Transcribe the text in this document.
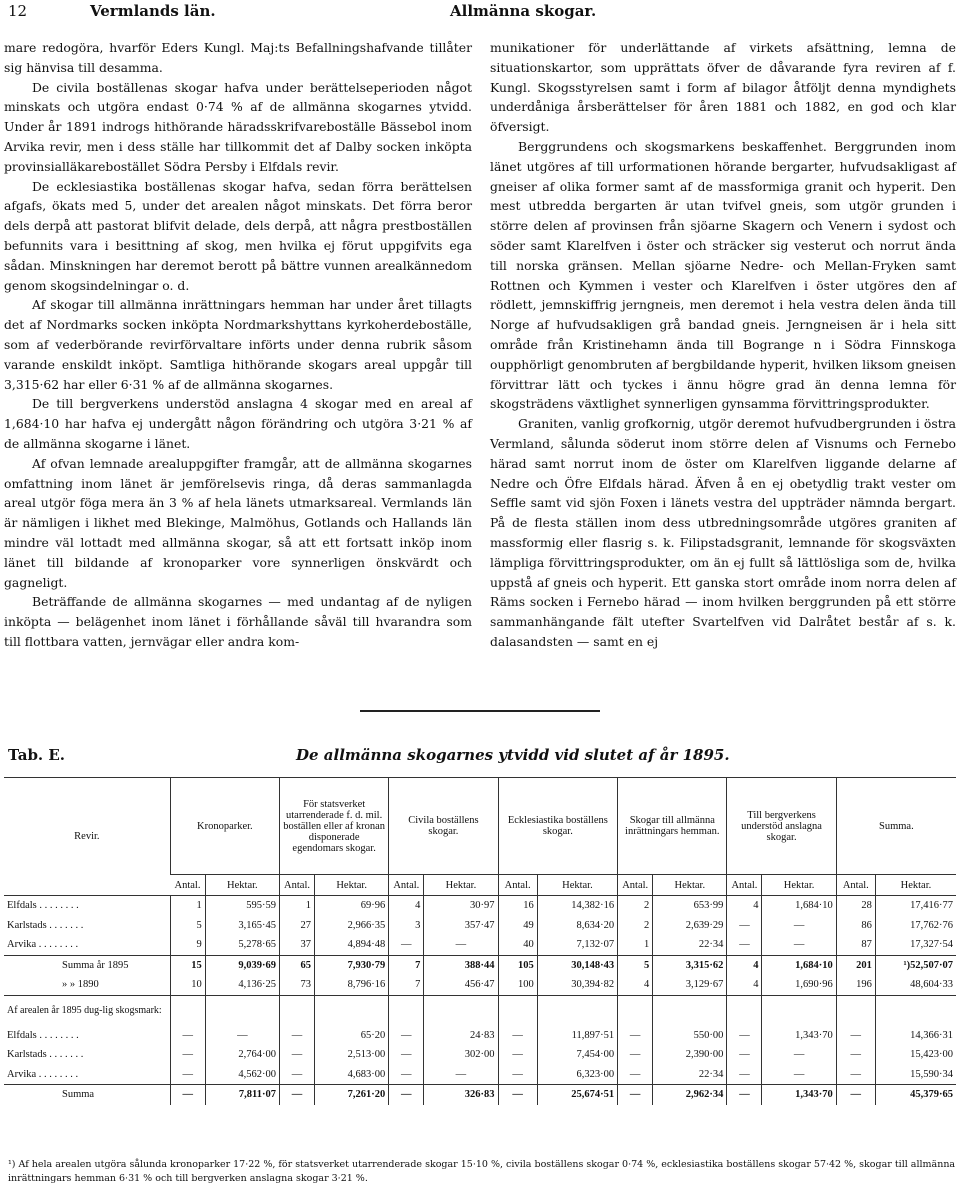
12	Vermlands län.	Allmänna skogar.

mare redogöra, hvarför Eders Kungl. Maj:ts Befallningshafvande tillåter sig hänvisa till desamma.

De civila boställenas skogar hafva under berättelseperioden något minskats och utgöra endast 0·74 % af de allmänna skogarnes ytvidd. Under år 1891 indrogs hithörande häradsskrifvareboställe Bässebol inom Arvika revir, men i dess ställe har tillkommit det af Dalby socken inköpta provinsialläkarebostället Södra Persby i Elfdals revir.

De ecklesiastika boställenas skogar hafva, sedan förra berättelsen afgafs, ökats med 5, under det arealen något minskats. Det förra beror dels derpå att pastorat blifvit delade, dels derpå, att några prestboställen befunnits vara i besittning af skog, men hvilka ej förut uppgifvits ega sådan. Minskningen har deremot berott på bättre vunnen arealkännedom genom skogsindelningar o. d.

Af skogar till allmänna inrättningars hemman har under året tillagts det af Nordmarks socken inköpta Nordmarkshyttans kyrkoherdeboställe, som af vederbörande revirförvaltare införts under denna rubrik såsom varande enskildt inköpt. Samtliga hithörande skogars areal uppgår till 3,315·62 har eller 6·31 % af de allmänna skogarnes.

De till bergverkens understöd anslagna 4 skogar med en areal af 1,684·10 har hafva ej undergått någon förändring och utgöra 3·21 % af de allmänna skogarne i länet.

Af ofvan lemnade arealuppgifter framgår, att de allmänna skogarnes omfattning inom länet är jemförelsevis ringa, då deras sammanlagda areal utgör föga mera än 3 % af hela länets utmarksareal. Vermlands län är nämligen i likhet med Blekinge, Malmöhus, Gotlands och Hallands län mindre väl lottadt med allmänna skogar, så att ett fortsatt inköp inom länet till bildande af kronoparker vore synnerligen önskvärdt och gagneligt.

Beträffande de allmänna skogarnes — med undantag af de nyligen inköpta — belägenhet inom länet i förhållande såväl till hvarandra som till flottbara vatten, jernvägar eller andra kom-

munikationer för underlättande af virkets afsättning, lemna de situationskartor, som upprättats öfver de dåvarande fyra reviren af f. Kungl. Skogsstyrelsen samt i form af bilagor åtföljt denna myndighets underdåniga årsberättelser för åren 1881 och 1882, en god och klar öfversigt.

Berggrundens och skogsmarkens beskaffenhet. Berggrunden inom länet utgöres af till urformationen hörande bergarter, hufvudsakligast af gneiser af olika former samt af de massformiga granit och hyperit. Den mest utbredda bergarten är utan tvifvel gneis, som utgör grunden i större delen af provinsen från sjöarne Skagern och Venern i sydost och söder samt Klarelfven i öster och sträcker sig vesterut och norrut ända till norska gränsen. Mellan sjöarne Nedre- och Mellan-Fryken samt Rottnen och Kymmen i vester och Klarelfven i öster utgöres den af rödlett, jemnskiffrig jerngneis, men deremot i hela vestra delen ända till Norge af hufvudsakligen grå bandad gneis. Jerngneisen är i hela sitt område från Kristinehamn ända till Bogrange n i Södra Finnskoga oupphörligt genombruten af bergbildande hyperit, hvilken liksom gneisen förvittrar lätt och tyckes i ännu högre grad än denna lemna för skogsträdens växtlighet synnerligen gynsamma förvittringsprodukter.

Graniten, vanlig grofkornig, utgör deremot hufvudbergrunden i östra Vermland, sålunda söderut inom större delen af Visnums och Fernebo härad samt norrut inom de öster om Klarelfven liggande delarne af Nedre och Öfre Elfdals härad. Äfven å en ej obetydlig trakt vester om Seffle samt vid sjön Foxen i länets vestra del uppträder nämnda bergart. På de flesta ställen inom dess utbredningsområde utgöres graniten af massformig eller flasrig s. k. Filipstadsgranit, lemnande för skogsväxten lämpliga förvittringsprodukter, om än ej fullt så lättlösliga som de, hvilka uppstå af gneis och hyperit. Ett ganska stort område inom norra delen af Räms socken i Fernebo härad — inom hvilken berggrunden på ett större sammanhängande fält utefter Svartelfven vid Dalråtet består af s. k. dalasandsten — samt en ej

Tab. E.	De allmänna skogarnes ytvidd vid slutet af år 1895.
Revir.	Kronoparker.		För statsverket utarrenderade f. d. mil. boställen eller af kronan disponerade egendomars skogar.		Civila boställens skogar.		Ecklesiastika boställens skogar.		Skogar till allmänna inrättningars hemman.		Till bergverkens understöd anslagna skogar.		Summa.	
	Antal.	Hektar.	Antal.	Hektar.	Antal.	Hektar.	Antal.	Hektar.	Antal.	Hektar.	Antal.	Hektar.	Antal.	Hektar.
Elfdals . . . . . . . .	1	595·59	1	69·96	4	30·97	16	14,382·16	2	653·99	4	1,684·10	28	17,416·77
Karlstads . . . . . . .	5	3,165·45	27	2,966·35	3	357·47	49	8,634·20	2	2,639·29	—	—	86	17,762·76
Arvika . . . . . . . .	9	5,278·65	37	4,894·48	—	—	40	7,132·07	1	22·34	—	—	87	17,327·54
Summa år 1895	15	9,039·69	65	7,930·79	7	388·44	105	30,148·43	5	3,315·62	4	1,684·10	201	¹)52,507·07
» » 1890	10	4,136·25	73	8,796·16	7	456·47	100	30,394·82	4	3,129·67	4	1,690·96	196	48,604·33
Af arealen år 1895 dug-lig skogsmark:														
Elfdals . . . . . . . .	—	—	—	65·20	—	24·83	—	11,897·51	—	550·00	—	1,343·70	—	14,366·31
Karlstads . . . . . . .	—	2,764·00	—	2,513·00	—	302·00	—	7,454·00	—	2,390·00	—	—	—	15,423·00
Arvika . . . . . . . .	—	4,562·00	—	4,683·00	—	—	—	6,323·00	—	22·34	—	—	—	15,590·34
Summa	—	7,811·07	—	7,261·20	—	326·83	—	25,674·51	—	2,962·34	—	1,343·70	—	45,379·65
¹) Af hela arealen utgöra sålunda kronoparker 17·22 %, för statsverket utarrenderade skogar 15·10 %, civila boställens skogar 0·74 %, ecklesiastika boställens skogar 57·42 %, skogar till allmänna inrättningars hemman 6·31 % och till bergverken anslagna skogar 3·21 %.
